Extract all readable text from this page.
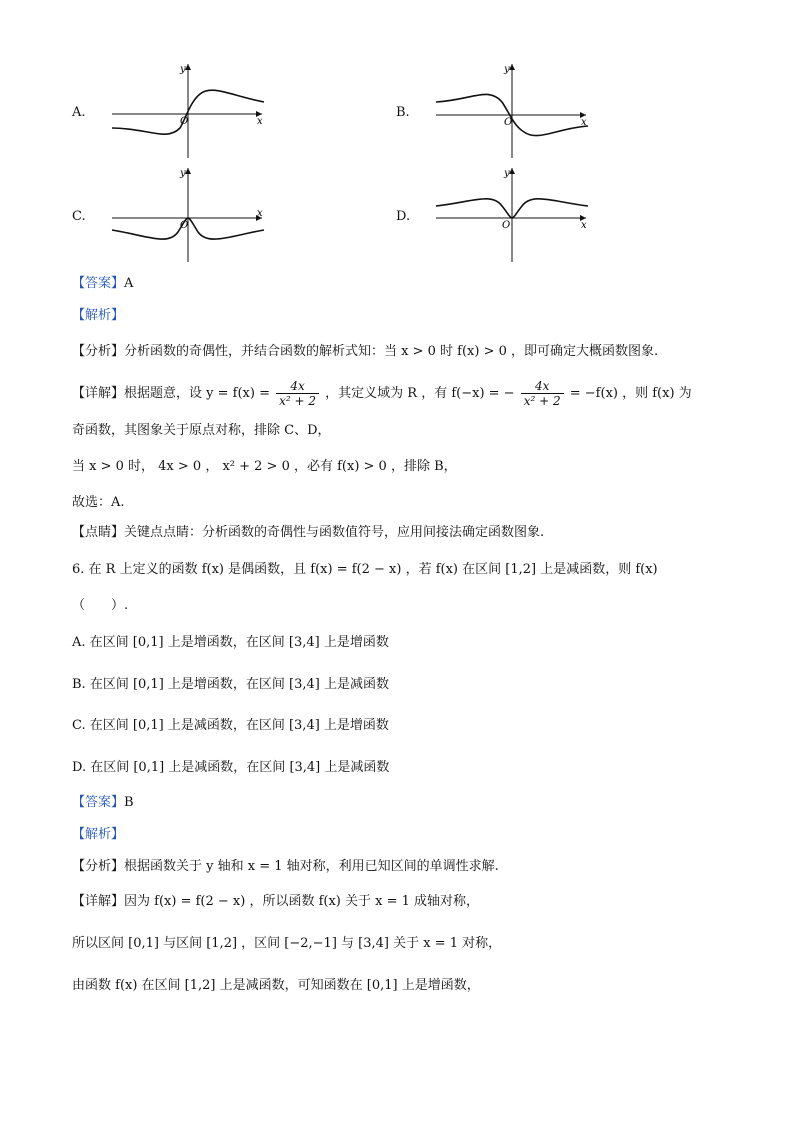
A.
x
y
O
B.
x
y
O
C.	x
y
O
D.
x
y
O
【答案】A
【解析】
【分析】分析函数的奇偶性，并结合函数的解析式知：当 x > 0 时 f(x) > 0 ，即可确定大概函数图象.
【详解】根据题意，设 $y = f(x) = \frac{4x}{\text{x² + 2}}$ ，其定义域为 R ，有 f(−x) = − $\frac{4x}{\text{x² + 2}} = -f(x)$ ，则 f(x) 为
奇函数，其图象关于原点对称，排除 C、D，
当 x > 0 时， 4x > 0 ， x² + 2 > 0 ，必有 f(x) > 0 ，排除 B，
故选：A.
【点睛】关键点点睛：分析函数的奇偶性与函数值符号，应用间接法确定函数图象.
6. 在 R 上定义的函数 f(x) 是偶函数，且 f(x) = f(2 − x) ，若 f(x) 在区间 [1,2] 上是减函数，则 f(x)
（　　）.
A. 在区间 [0,1] 上是增函数，在区间 [3,4] 上是增函数
B. 在区间 [0,1] 上是增函数，在区间 [3,4] 上是减函数
C. 在区间 [0,1] 上是减函数，在区间 [3,4] 上是增函数
D. 在区间 [0,1] 上是减函数，在区间 [3,4] 上是减函数
【答案】B
【解析】
【分析】根据函数关于 y 轴和 x = 1 轴对称，利用已知区间的单调性求解.
【详解】因为 f(x) = f(2 − x) ，所以函数 f(x) 关于 x = 1 成轴对称，
所以区间 [0,1] 与区间 [1,2] ，区间 [−2,−1] 与 [3,4] 关于 x = 1 对称，
由函数 f(x) 在区间 [1,2] 上是减函数，可知函数在 [0,1] 上是增函数，
